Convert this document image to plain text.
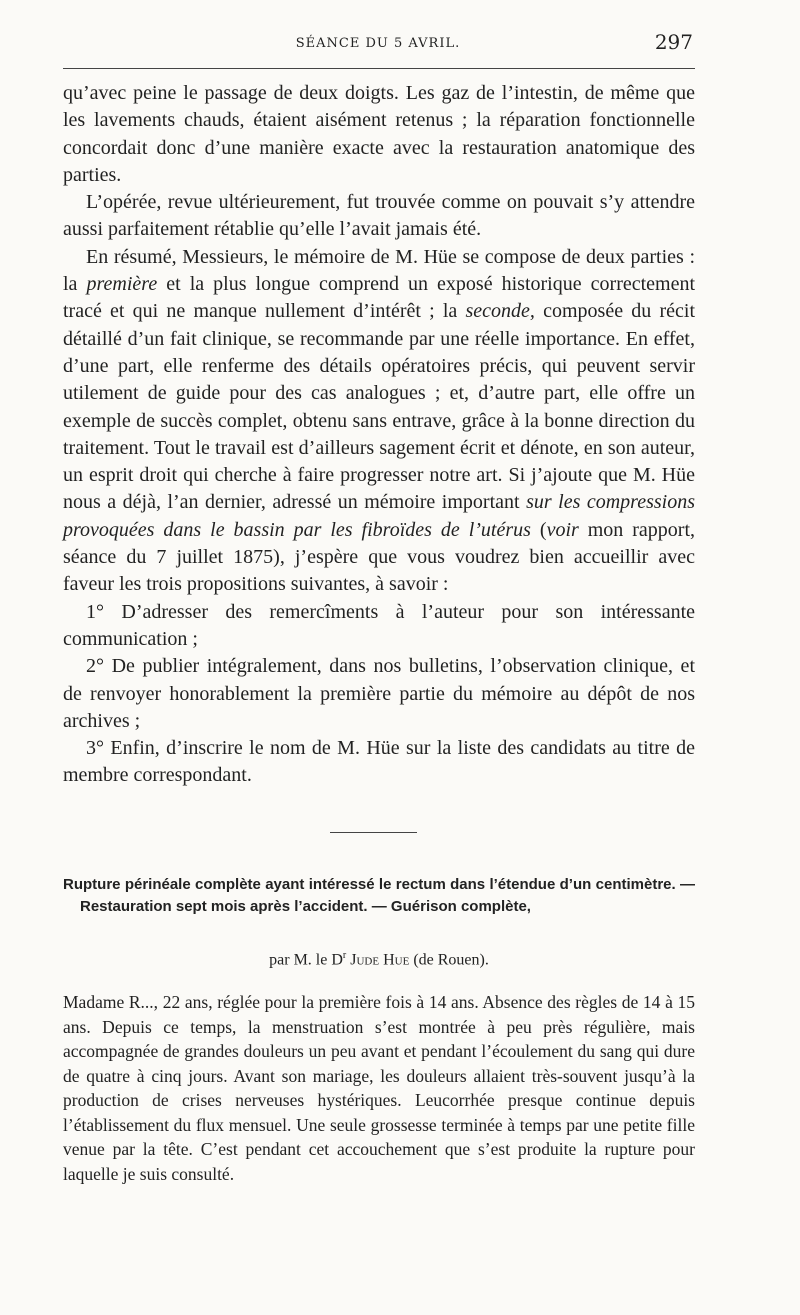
SÉANCE DU 5 AVRIL.	297

qu’avec peine le passage de deux doigts. Les gaz de l’intestin, de même que les lavements chauds, étaient aisément retenus ; la réparation fonctionnelle concordait donc d’une manière exacte avec la restauration anatomique des parties.

L’opérée, revue ultérieurement, fut trouvée comme on pouvait s’y attendre aussi parfaitement rétablie qu’elle l’avait jamais été.

En résumé, Messieurs, le mémoire de M. Hüe se compose de deux parties : la première et la plus longue comprend un exposé historique correctement tracé et qui ne manque nullement d’intérêt ; la seconde, composée du récit détaillé d’un fait clinique, se recommande par une réelle importance. En effet, d’une part, elle renferme des détails opératoires précis, qui peuvent servir utilement de guide pour des cas analogues ; et, d’autre part, elle offre un exemple de succès complet, obtenu sans entrave, grâce à la bonne direction du traitement. Tout le travail est d’ailleurs sagement écrit et dénote, en son auteur, un esprit droit qui cherche à faire progresser notre art. Si j’ajoute que M. Hüe nous a déjà, l’an dernier, adressé un mémoire important sur les compressions provoquées dans le bassin par les fibroïdes de l’utérus (voir mon rapport, séance du 7 juillet 1875), j’espère que vous voudrez bien accueillir avec faveur les trois propositions suivantes, à savoir :

1° D’adresser des remercîments à l’auteur pour son intéressante communication ;

2° De publier intégralement, dans nos bulletins, l’observation clinique, et de renvoyer honorablement la première partie du mémoire au dépôt de nos archives ;

3° Enfin, d’inscrire le nom de M. Hüe sur la liste des candidats au titre de membre correspondant.

Rupture périnéale complète ayant intéressé le rectum dans l’étendue d’un centimètre. — Restauration sept mois après l’accident. — Guérison complète,
par M. le $D^r$ Jude Hue (de Rouen).

Madame R..., 22 ans, réglée pour la première fois à 14 ans. Absence des règles de 14 à 15 ans. Depuis ce temps, la menstruation s’est montrée à peu près régulière, mais accompagnée de grandes douleurs un peu avant et pendant l’écoulement du sang qui dure de quatre à cinq jours. Avant son mariage, les douleurs allaient très-souvent jusqu’à la production de crises nerveuses hystériques. Leucorrhée presque continue depuis l’établissement du flux mensuel. Une seule grossesse terminée à temps par une petite fille venue par la tête. C’est pendant cet accouchement que s’est produite la rupture pour laquelle je suis consulté.
